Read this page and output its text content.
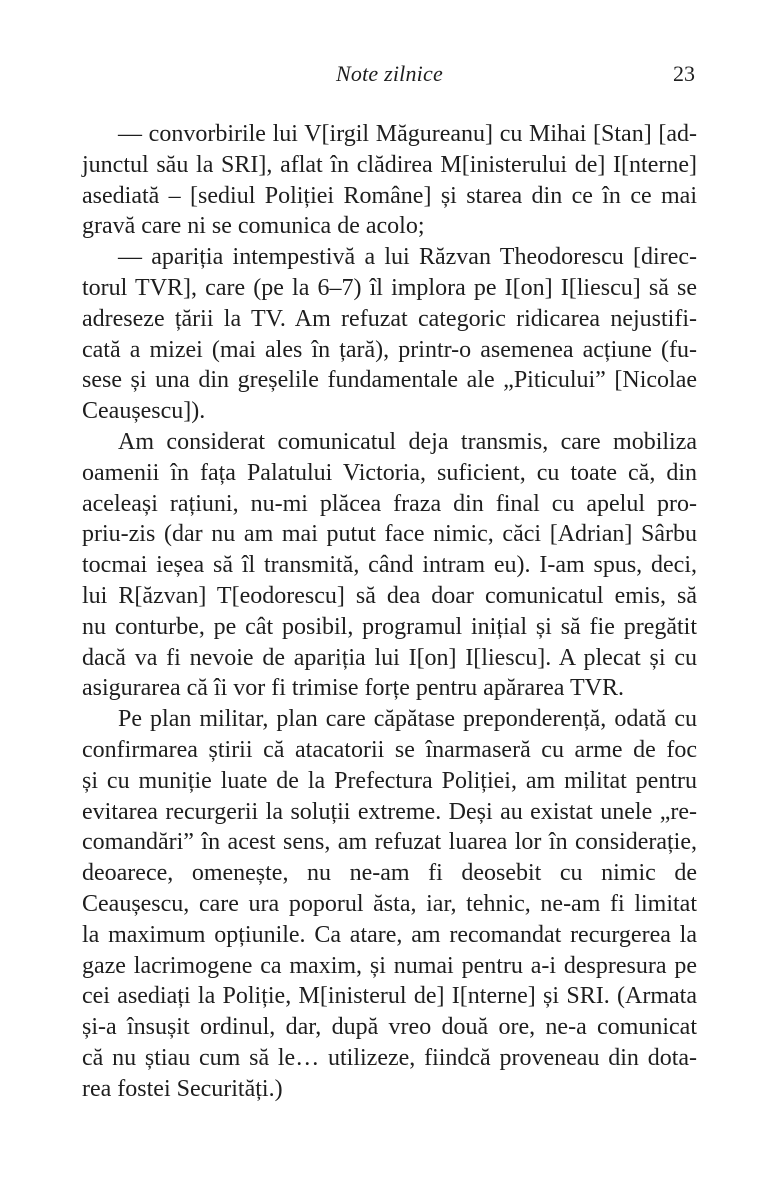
Note zilnice	23

— convorbirile lui V[irgil Măgureanu] cu Mihai [Stan] [ad-
junctul său la SRI], aflat în clădirea M[inisterului de] I[nterne]
asediată – [sediul Poliției Române] și starea din ce în ce mai
gravă care ni se comunica de acolo;

— apariția intempestivă a lui Răzvan Theodorescu [direc-
torul TVR], care (pe la 6–7) îl implora pe I[on] I[liescu] să se
adreseze țării la TV. Am refuzat categoric ridicarea nejustifi-
cată a mizei (mai ales în țară), printr-o asemenea acțiune (fu-
sese și una din greșelile fundamentale ale „Piticului” [Nicolae
Ceaușescu]).

Am considerat comunicatul deja transmis, care mobiliza
oamenii în fața Palatului Victoria, suficient, cu toate că, din
aceleași rațiuni, nu-mi plăcea fraza din final cu apelul pro-
priu-zis (dar nu am mai putut face nimic, căci [Adrian] Sârbu
tocmai ieșea să îl transmită, când intram eu). I-am spus, deci,
lui R[ăzvan] T[eodorescu] să dea doar comunicatul emis, să
nu conturbe, pe cât posibil, programul inițial și să fie pregătit
dacă va fi nevoie de apariția lui I[on] I[liescu]. A plecat și cu
asigurarea că îi vor fi trimise forțe pentru apărarea TVR.

Pe plan militar, plan care căpătase preponderență, odată cu
confirmarea știrii că atacatorii se înarmaseră cu arme de foc
și cu muniție luate de la Prefectura Poliției, am militat pentru
evitarea recurgerii la soluții extreme. Deși au existat unele „re-
comandări” în acest sens, am refuzat luarea lor în considerație,
deoarece, omenește, nu ne-am fi deosebit cu nimic de
Ceaușescu, care ura poporul ăsta, iar, tehnic, ne-am fi limitat
la maximum opțiunile. Ca atare, am recomandat recurgerea la
gaze lacrimogene ca maxim, și numai pentru a-i despresura pe
cei asediați la Poliție, M[inisterul de] I[nterne] și SRI. (Armata
și-a însușit ordinul, dar, după vreo două ore, ne-a comunicat
că nu știau cum să le… utilizeze, fiindcă proveneau din dota-
rea fostei Securități.)
